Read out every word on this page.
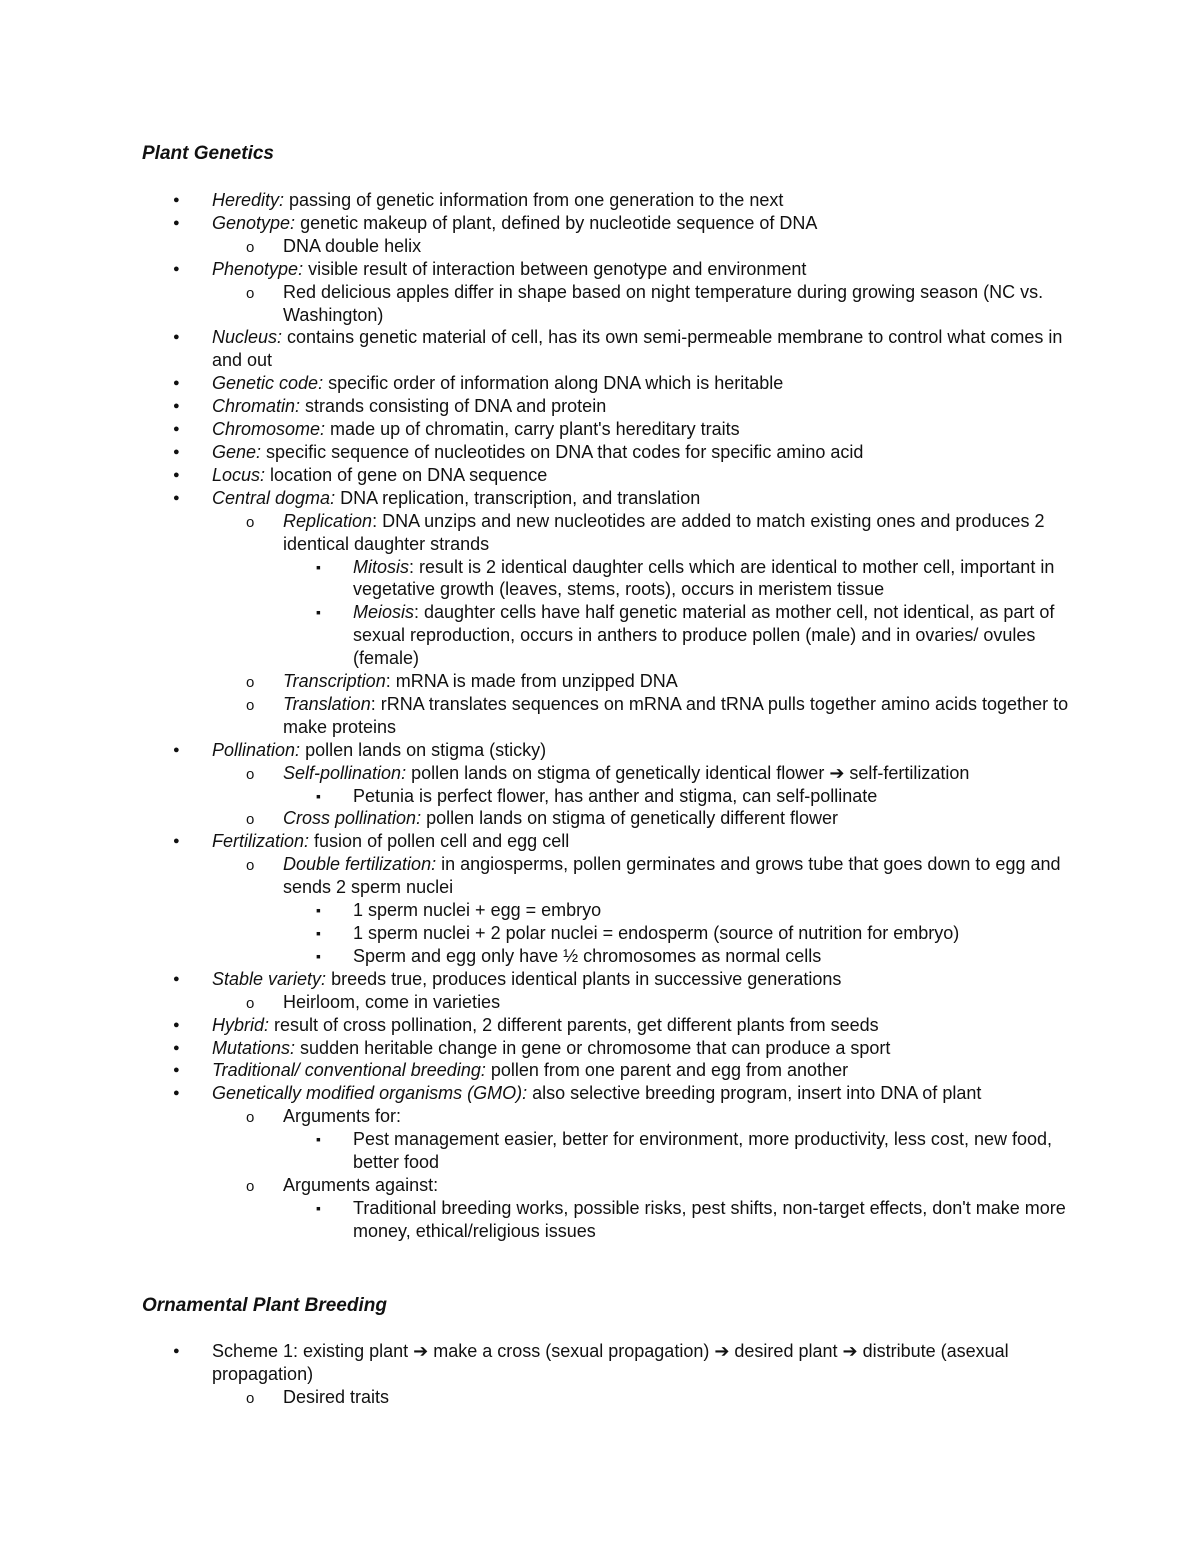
Plant Genetics
● Heredity: passing of genetic information from one generation to the next
● Genotype: genetic makeup of plant, defined by nucleotide sequence of DNA
o DNA double helix
● Phenotype: visible result of interaction between genotype and environment
o Red delicious apples differ in shape based on night temperature during growing season (NC vs. Washington)
● Nucleus: contains genetic material of cell, has its own semi-permeable membrane to control what comes in and out
● Genetic code: specific order of information along DNA which is heritable
● Chromatin: strands consisting of DNA and protein
● Chromosome: made up of chromatin, carry plant's hereditary traits
● Gene: specific sequence of nucleotides on DNA that codes for specific amino acid
● Locus: location of gene on DNA sequence
● Central dogma: DNA replication, transcription, and translation
o Replication: DNA unzips and new nucleotides are added to match existing ones and produces 2 identical daughter strands
▪ Mitosis: result is 2 identical daughter cells which are identical to mother cell, important in vegetative growth (leaves, stems, roots), occurs in meristem tissue
▪ Meiosis: daughter cells have half genetic material as mother cell, not identical, as part of sexual reproduction, occurs in anthers to produce pollen (male) and in ovaries/ ovules (female)
o Transcription: mRNA is made from unzipped DNA
o Translation: rRNA translates sequences on mRNA and tRNA pulls together amino acids together to make proteins
● Pollination: pollen lands on stigma (sticky)
o Self-pollination: pollen lands on stigma of genetically identical flower ➔ self-fertilization
▪ Petunia is perfect flower, has anther and stigma, can self-pollinate
o Cross pollination: pollen lands on stigma of genetically different flower
● Fertilization: fusion of pollen cell and egg cell
o Double fertilization: in angiosperms, pollen germinates and grows tube that goes down to egg and sends 2 sperm nuclei
▪ 1 sperm nuclei + egg = embryo
▪ 1 sperm nuclei + 2 polar nuclei = endosperm (source of nutrition for embryo)
▪ Sperm and egg only have ½ chromosomes as normal cells
● Stable variety: breeds true, produces identical plants in successive generations
o Heirloom, come in varieties
● Hybrid: result of cross pollination, 2 different parents, get different plants from seeds
● Mutations: sudden heritable change in gene or chromosome that can produce a sport
● Traditional/ conventional breeding: pollen from one parent and egg from another
● Genetically modified organisms (GMO): also selective breeding program, insert into DNA of plant
o Arguments for:
▪ Pest management easier, better for environment, more productivity, less cost, new food, better food
o Arguments against:
▪ Traditional breeding works, possible risks, pest shifts, non-target effects, don't make more money, ethical/religious issues
Ornamental Plant Breeding
● Scheme 1: existing plant ➔ make a cross (sexual propagation) ➔ desired plant ➔ distribute (asexual propagation)
o Desired traits
